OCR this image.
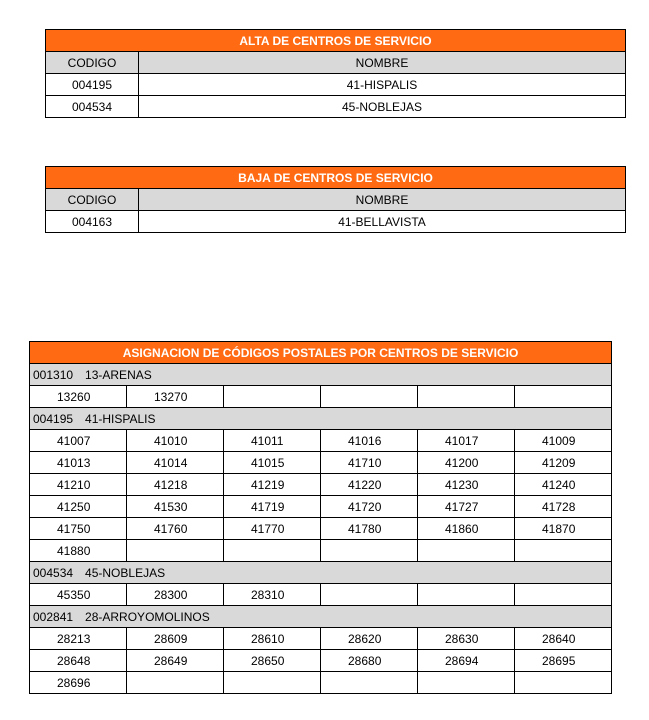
ALTA DE CENTROS DE SERVICIO	
CODIGO	NOMBRE
004195	41-HISPALIS
004534	45-NOBLEJAS
BAJA DE CENTROS DE SERVICIO	
CODIGO	NOMBRE
004163	41-BELLAVISTA
ASIGNACION DE CÓDIGOS POSTALES POR CENTROS DE SERVICIO					
001310 13-ARENAS					
13260	13270				
004195 41-HISPALIS					
41007	41010	41011	41016	41017	41009
41013	41014	41015	41710	41200	41209
41210	41218	41219	41220	41230	41240
41250	41530	41719	41720	41727	41728
41750	41760	41770	41780	41860	41870
41880					
004534 45-NOBLEJAS					
45350	28300	28310			
002841 28-ARROYOMOLINOS					
28213	28609	28610	28620	28630	28640
28648	28649	28650	28680	28694	28695
28696					
